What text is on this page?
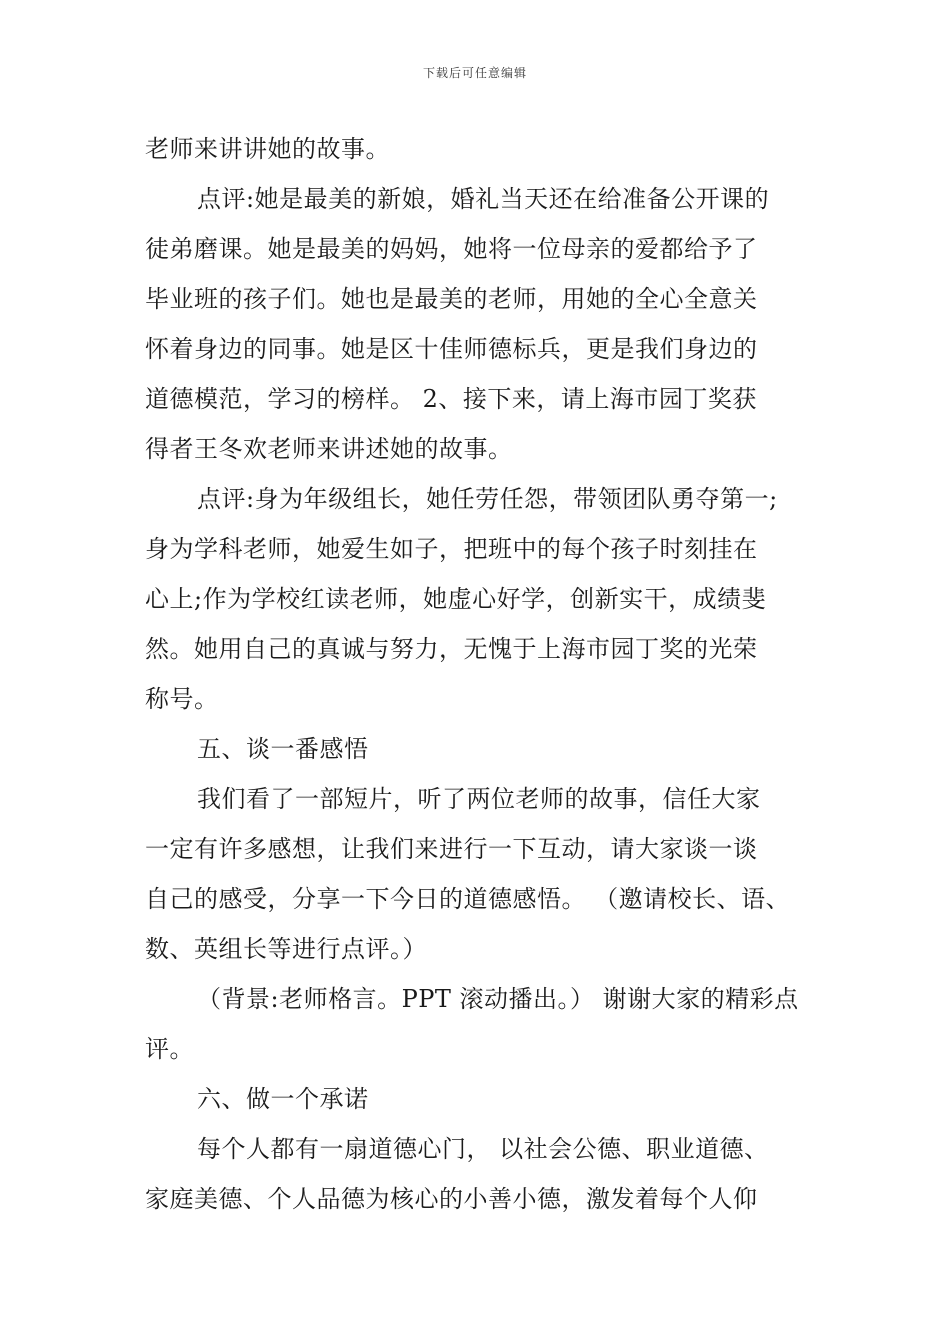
下载后可任意编辑
老师来讲讲她的故事。
点评:她是最美的新娘，婚礼当天还在给准备公开课的
徒弟磨课。她是最美的妈妈，她将一位母亲的爱都给予了
毕业班的孩子们。她也是最美的老师，用她的全心全意关
怀着身边的同事。她是区十佳师德标兵，更是我们身边的
道德模范，学习的榜样。 2、接下来，请上海市园丁奖获
得者王冬欢老师来讲述她的故事。
点评:身为年级组长，她任劳任怨，带领团队勇夺第一;
身为学科老师，她爱生如子，把班中的每个孩子时刻挂在
心上;作为学校红读老师，她虚心好学，创新实干，成绩斐
然。她用自己的真诚与努力，无愧于上海市园丁奖的光荣
称号。
五、谈一番感悟
我们看了一部短片，听了两位老师的故事，信任大家
一定有许多感想，让我们来进行一下互动，请大家谈一谈
自己的感受，分享一下今日的道德感悟。 （邀请校长、语、
数、英组长等进行点评。）
（背景:老师格言。PPT 滚动播出。） 谢谢大家的精彩点
评。
六、做一个承诺
每个人都有一扇道德心门， 以社会公德、职业道德、
家庭美德、个人品德为核心的小善小德，激发着每个人仰
